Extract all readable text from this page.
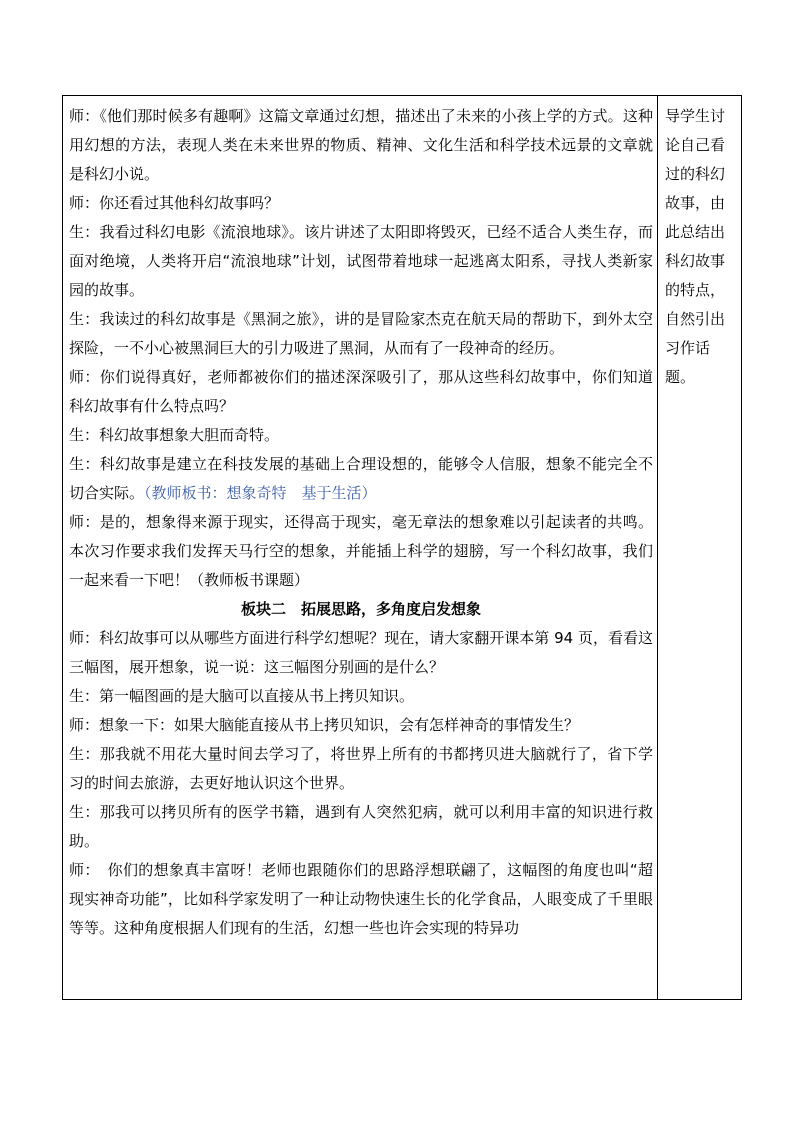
师：《他们那时候多有趣啊》这篇文章通过幻想，描述出了未来的小孩上学的方式。这种用幻想的方法，表现人类在未来世界的物质、精神、文化生活和科学技术远景的文章就是科幻小说。

师：你还看过其他科幻故事吗？

生：我看过科幻电影《流浪地球》。该片讲述了太阳即将毁灭，已经不适合人类生存，而面对绝境，人类将开启“流浪地球”计划，试图带着地球一起逃离太阳系，寻找人类新家园的故事。

生：我读过的科幻故事是《黑洞之旅》，讲的是冒险家杰克在航天局的帮助下，到外太空探险，一不小心被黑洞巨大的引力吸进了黑洞，从而有了一段神奇的经历。

师：你们说得真好，老师都被你们的描述深深吸引了，那从这些科幻故事中，你们知道科幻故事有什么特点吗？

生：科幻故事想象大胆而奇特。

生：科幻故事是建立在科技发展的基础上合理设想的，能够令人信服，想象不能完全不切合实际。（教师板书：想象奇特　基于生活）

师：是的，想象得来源于现实，还得高于现实，毫无章法的想象难以引起读者的共鸣。本次习作要求我们发挥天马行空的想象，并能插上科学的翅膀，写一个科幻故事，我们一起来看一下吧！（教师板书课题）

板块二　拓展思路，多角度启发想象

师：科幻故事可以从哪些方面进行科学幻想呢？现在，请大家翻开课本第 94 页，看看这三幅图，展开想象，说一说：这三幅图分别画的是什么？

生：第一幅图画的是大脑可以直接从书上拷贝知识。

师：想象一下：如果大脑能直接从书上拷贝知识，会有怎样神奇的事情发生？

生：那我就不用花大量时间去学习了，将世界上所有的书都拷贝进大脑就行了，省下学习的时间去旅游，去更好地认识这个世界。

生：那我可以拷贝所有的医学书籍，遇到有人突然犯病，就可以利用丰富的知识进行救助。

师：　你们的想象真丰富呀！老师也跟随你们的思路浮想联翩了，这幅图的角度也叫“超现实神奇功能”，比如科学家发明了一种让动物快速生长的化学食品，人眼变成了千里眼等等。这种角度根据人们现有的生活，幻想一些也许会实现的特异功

导学生讨论自己看过的科幻故事，由此总结出科幻故事的特点，自然引出习作话题。
